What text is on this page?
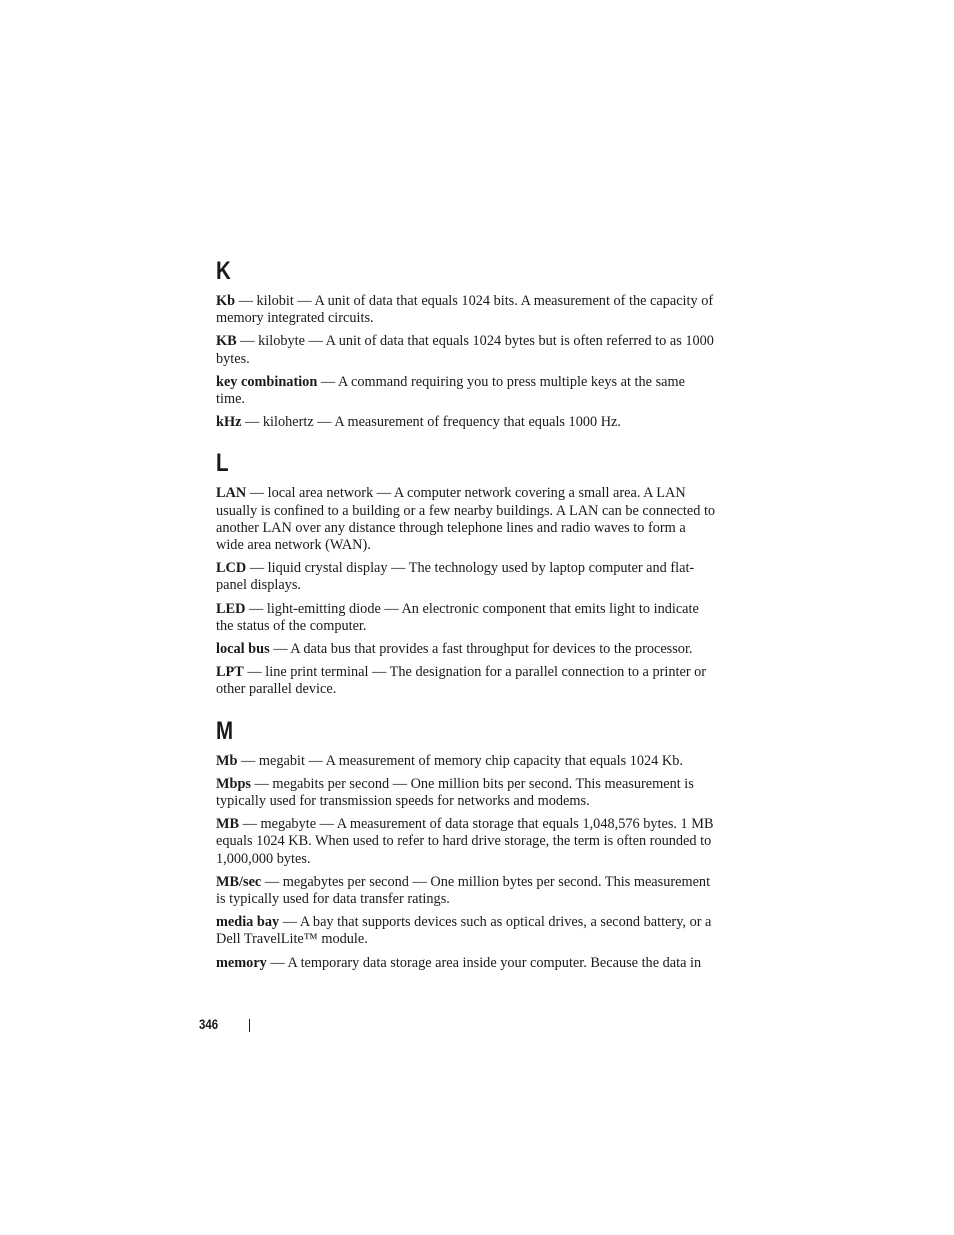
K

Kb — kilobit — A unit of data that equals 1024 bits. A measurement of the capacity of memory integrated circuits.

KB — kilobyte — A unit of data that equals 1024 bytes but is often referred to as 1000 bytes.

key combination — A command requiring you to press multiple keys at the same time.

kHz — kilohertz — A measurement of frequency that equals 1000 Hz.

L

LAN — local area network — A computer network covering a small area. A LAN usually is confined to a building or a few nearby buildings. A LAN can be connected to another LAN over any distance through telephone lines and radio waves to form a wide area network (WAN).

LCD — liquid crystal display — The technology used by laptop computer and flat-panel displays.

LED — light-emitting diode — An electronic component that emits light to indicate the status of the computer.

local bus — A data bus that provides a fast throughput for devices to the processor.

LPT — line print terminal — The designation for a parallel connection to a printer or other parallel device.

M

Mb — megabit — A measurement of memory chip capacity that equals 1024 Kb.

Mbps — megabits per second — One million bits per second. This measurement is typically used for transmission speeds for networks and modems.

MB — megabyte — A measurement of data storage that equals 1,048,576 bytes. 1 MB equals 1024 KB. When used to refer to hard drive storage, the term is often rounded to 1,000,000 bytes.

MB/sec — megabytes per second — One million bytes per second. This measurement is typically used for data transfer ratings.

media bay — A bay that supports devices such as optical drives, a second battery, or a Dell TravelLite™ module.

memory — A temporary data storage area inside your computer. Because the data in

346
